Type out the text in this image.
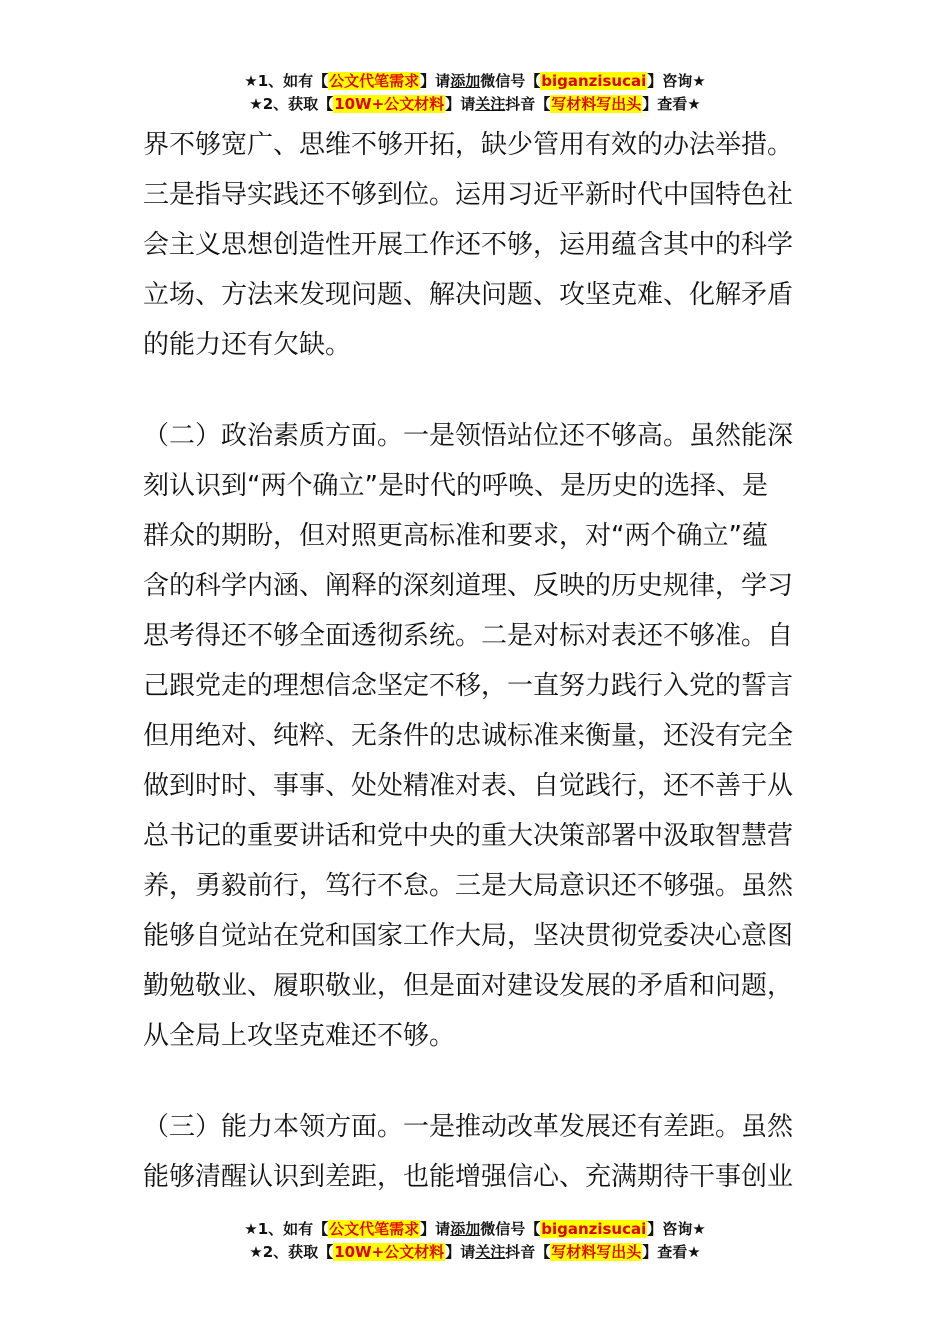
★1、如有【公文代笔需求】请添加微信号【biganzisucai】咨询★
★2、获取【10W+公文材料】请关注抖音【写材料写出头】查看★
界不够宽广、思维不够开拓，缺少管用有效的办法举措。
三是指导实践还不够到位。运用习近平新时代中国特色社
会主义思想创造性开展工作还不够，运用蕴含其中的科学
立场、方法来发现问题、解决问题、攻坚克难、化解矛盾
的能力还有欠缺。
（二）政治素质方面。一是领悟站位还不够高。虽然能深
刻认识到“两个确立”是时代的呼唤、是历史的选择、是
群众的期盼，但对照更高标准和要求，对“两个确立”蕴
含的科学内涵、阐释的深刻道理、反映的历史规律，学习
思考得还不够全面透彻系统。二是对标对表还不够准。自
己跟党走的理想信念坚定不移，一直努力践行入党的誓言
但用绝对、纯粹、无条件的忠诚标准来衡量，还没有完全
做到时时、事事、处处精准对表、自觉践行，还不善于从
总书记的重要讲话和党中央的重大决策部署中汲取智慧营
养，勇毅前行，笃行不怠。三是大局意识还不够强。虽然
能够自觉站在党和国家工作大局，坚决贯彻党委决心意图
勤勉敬业、履职敬业，但是面对建设发展的矛盾和问题，
从全局上攻坚克难还不够。
（三）能力本领方面。一是推动改革发展还有差距。虽然
能够清醒认识到差距，也能增强信心、充满期待干事创业
★1、如有【公文代笔需求】请添加微信号【biganzisucai】咨询★
★2、获取【10W+公文材料】请关注抖音【写材料写出头】查看★
